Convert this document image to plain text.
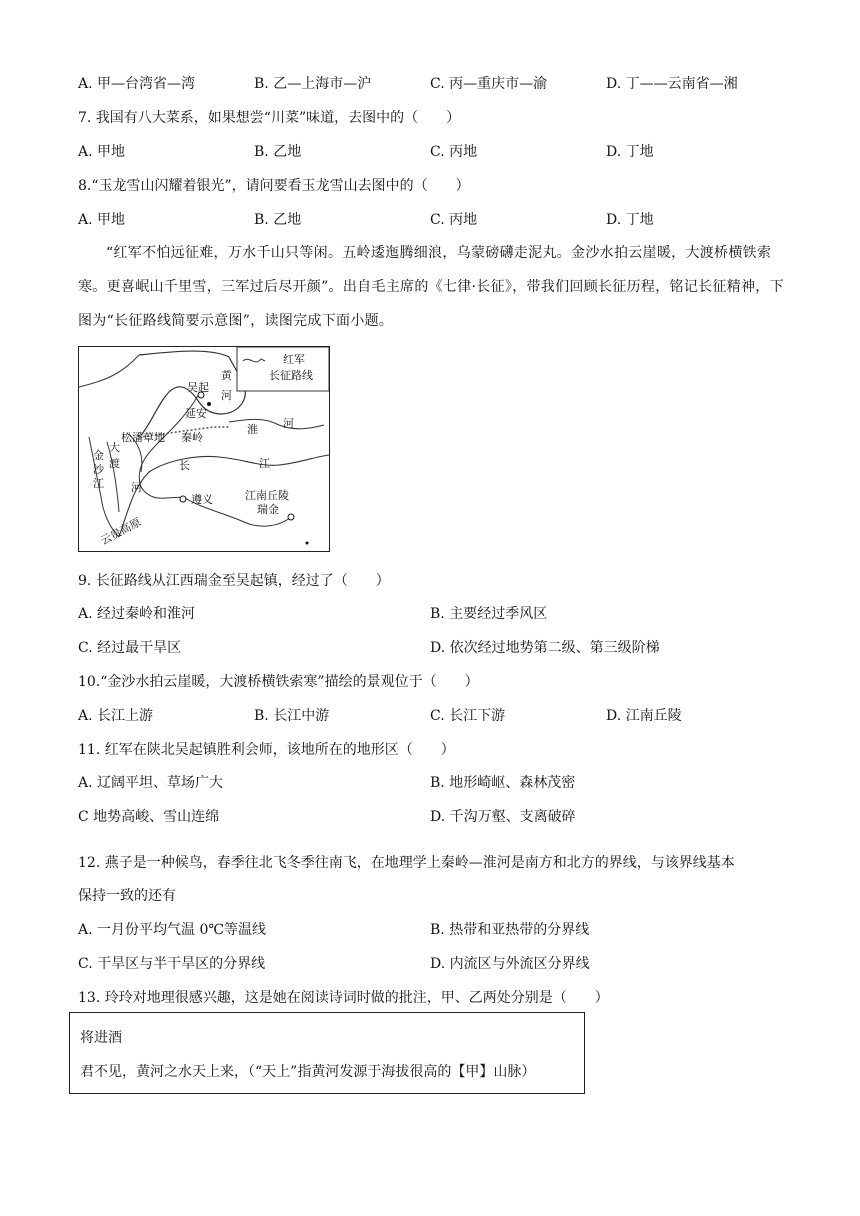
A. 甲—台湾省—湾	B. 乙—上海市—沪	C. 丙—重庆市—渝	D. 丁——云南省—湘
7. 我国有八大菜系，如果想尝“川菜”味道，去图中的（　　）
A. 甲地	B. 乙地	C. 丙地	D. 丁地
8.“玉龙雪山闪耀着银光”，请问要看玉龙雪山去图中的（　　）
A. 甲地	B. 乙地	C. 丙地	D. 丁地
“红军不怕远征难，万水千山只等闲。五岭逶迤腾细浪，乌蒙磅礴走泥丸。金沙水拍云崖暖，大渡桥横铁索寒。更喜岷山千里雪，三军过后尽开颜”。出自毛主席的《七律·长征》，带我们回顾长征历程，铭记长征精神，下图为“长征路线简要示意图”，读图完成下面小题。
红军
长征路线
吴起
黄
河
延安
松潘草地 秦岭
淮 河
长	江
大
渡
金
沙
江 河
遵义	江南丘陵
瑞金
云贵高原
9. 长征路线从江西瑞金至吴起镇，经过了（　　）
A. 经过秦岭和淮河	B. 主要经过季风区
C. 经过最干旱区	D. 依次经过地势第二级、第三级阶梯
10.“金沙水拍云崖暖，大渡桥横铁索寒”描绘的景观位于（　　）
A. 长江上游	B. 长江中游	C. 长江下游	D. 江南丘陵
11. 红军在陕北吴起镇胜利会师，该地所在的地形区（　　）
A. 辽阔平坦、草场广大	B. 地形崎岖、森林茂密
C 地势高峻、雪山连绵	D. 千沟万壑、支离破碎
12. 燕子是一种候鸟，春季往北飞冬季往南飞，在地理学上秦岭—淮河是南方和北方的界线，与该界线基本
保持一致的还有
A. 一月份平均气温 0℃等温线	B. 热带和亚热带的分界线
C. 干旱区与半干旱区的分界线	D. 内流区与外流区分界线
13. 玲玲对地理很感兴趣，这是她在阅读诗词时做的批注，甲、乙两处分别是（　　）
将进酒
君不见，黄河之水天上来，（“天上”指黄河发源于海拔很高的【甲】山脉）
